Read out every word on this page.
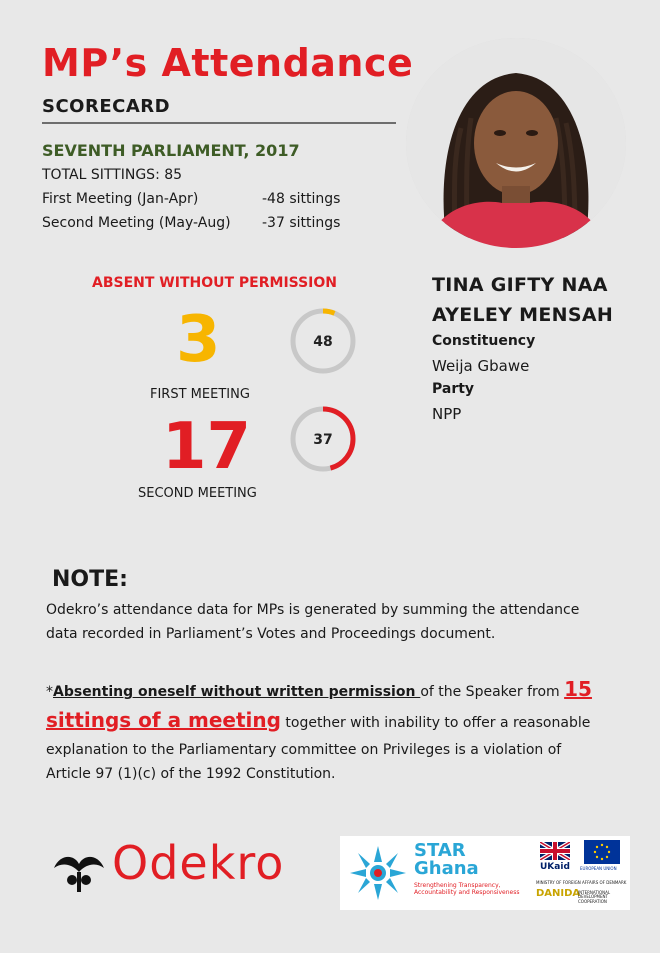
MP’s Attendance
SCORECARD
SEVENTH PARLIAMENT, 2017
TOTAL SITTINGS: 85
First Meeting (Jan-Apr)	-48 sittings
Second Meeting (May-Aug) -37 sittings
ABSENT WITHOUT PERMISSION
3
FIRST MEETING
48
17
SECOND MEETING
37
TINA GIFTY NAA
AYELEY MENSAH
Constituency
Weija Gbawe
Party
NPP
NOTE:
Odekro’s attendance data for MPs is generated by summing the attendance
data recorded in Parliament’s Votes and Proceedings document.
*Absenting oneself without written permission of the Speaker from 15
sittings of a meeting together with inability to offer a reasonable
explanation to the Parliamentary committee on Privileges is a violation of
Article 97 (1)(c) of the 1992 Constitution.
Odekro	STAR
Ghana
Strengthening Transparency,
Accountability and Responsiveness
UKaid	EUROPEAN UNION
MINISTRY OF FOREIGN AFFAIRS OF DENMARK
DANIDA
INTERNATIONAL DEVELOPMENT COOPERATION
